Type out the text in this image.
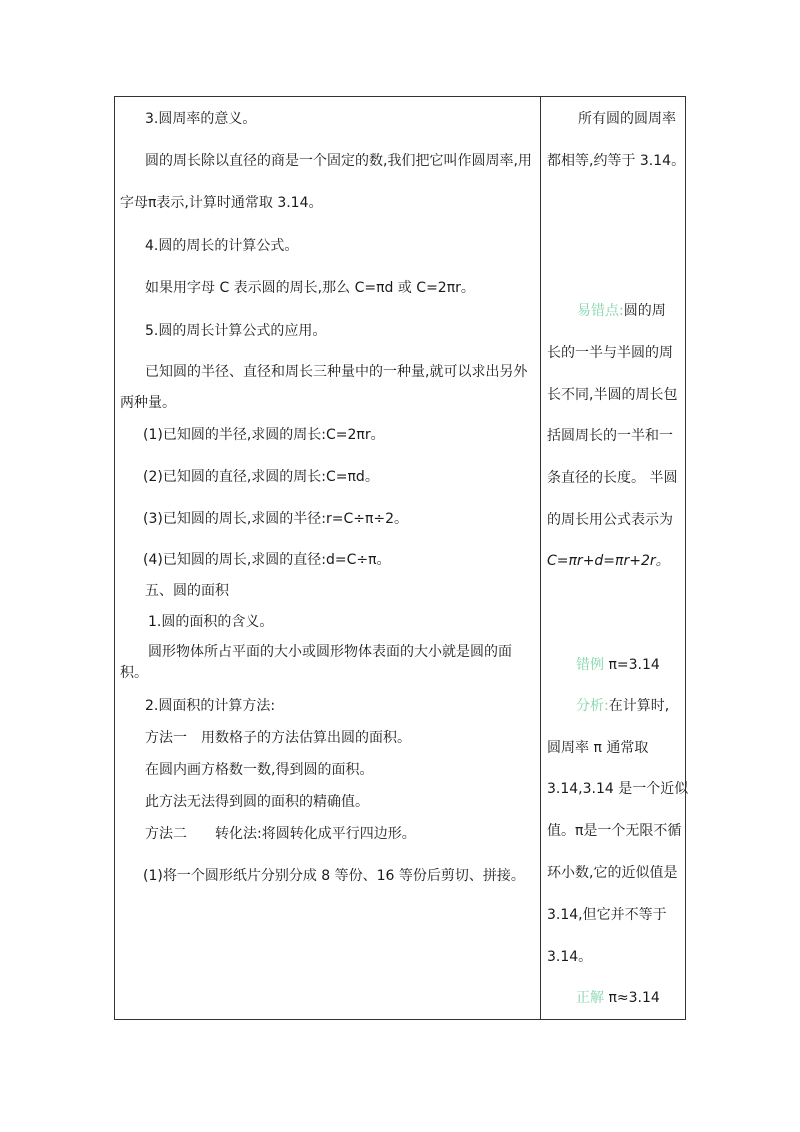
3.圆周率的意义。
圆的周长除以直径的商是一个固定的数,我们把它叫作圆周率,用
字母π表示,计算时通常取 3.14。
4.圆的周长的计算公式。
如果用字母 C 表示圆的周长,那么 C=πd 或 C=2πr。
5.圆的周长计算公式的应用。
已知圆的半径、直径和周长三种量中的一种量,就可以求出另外
两种量。
(1)已知圆的半径,求圆的周长:C=2πr。
(2)已知圆的直径,求圆的周长:C=πd。
(3)已知圆的周长,求圆的半径:r=C÷π÷2。
(4)已知圆的周长,求圆的直径:d=C÷π。
五、圆的面积
1.圆的面积的含义。
圆形物体所占平面的大小或圆形物体表面的大小就是圆的面
积。
2.圆面积的计算方法:
方法一　用数格子的方法估算出圆的面积。
在圆内画方格数一数,得到圆的面积。
此方法无法得到圆的面积的精确值。
方法二　　转化法:将圆转化成平行四边形。
(1)将一个圆形纸片分别分成 8 等份、16 等份后剪切、拼接。
所有圆的圆周率
都相等,约等于 3.14。
易错点:圆的周
长的一半与半圆的周
长不同,半圆的周长包
括圆周长的一半和一
条直径的长度。 半圆
的周长用公式表示为
C=πr+d=πr+2r。
错例 π=3.14
分析:在计算时,
圆周率 π 通常取
3.14,3.14 是一个近似
值。π是一个无限不循
环小数,它的近似值是
3.14,但它并不等于
3.14。
正解 π≈3.14
